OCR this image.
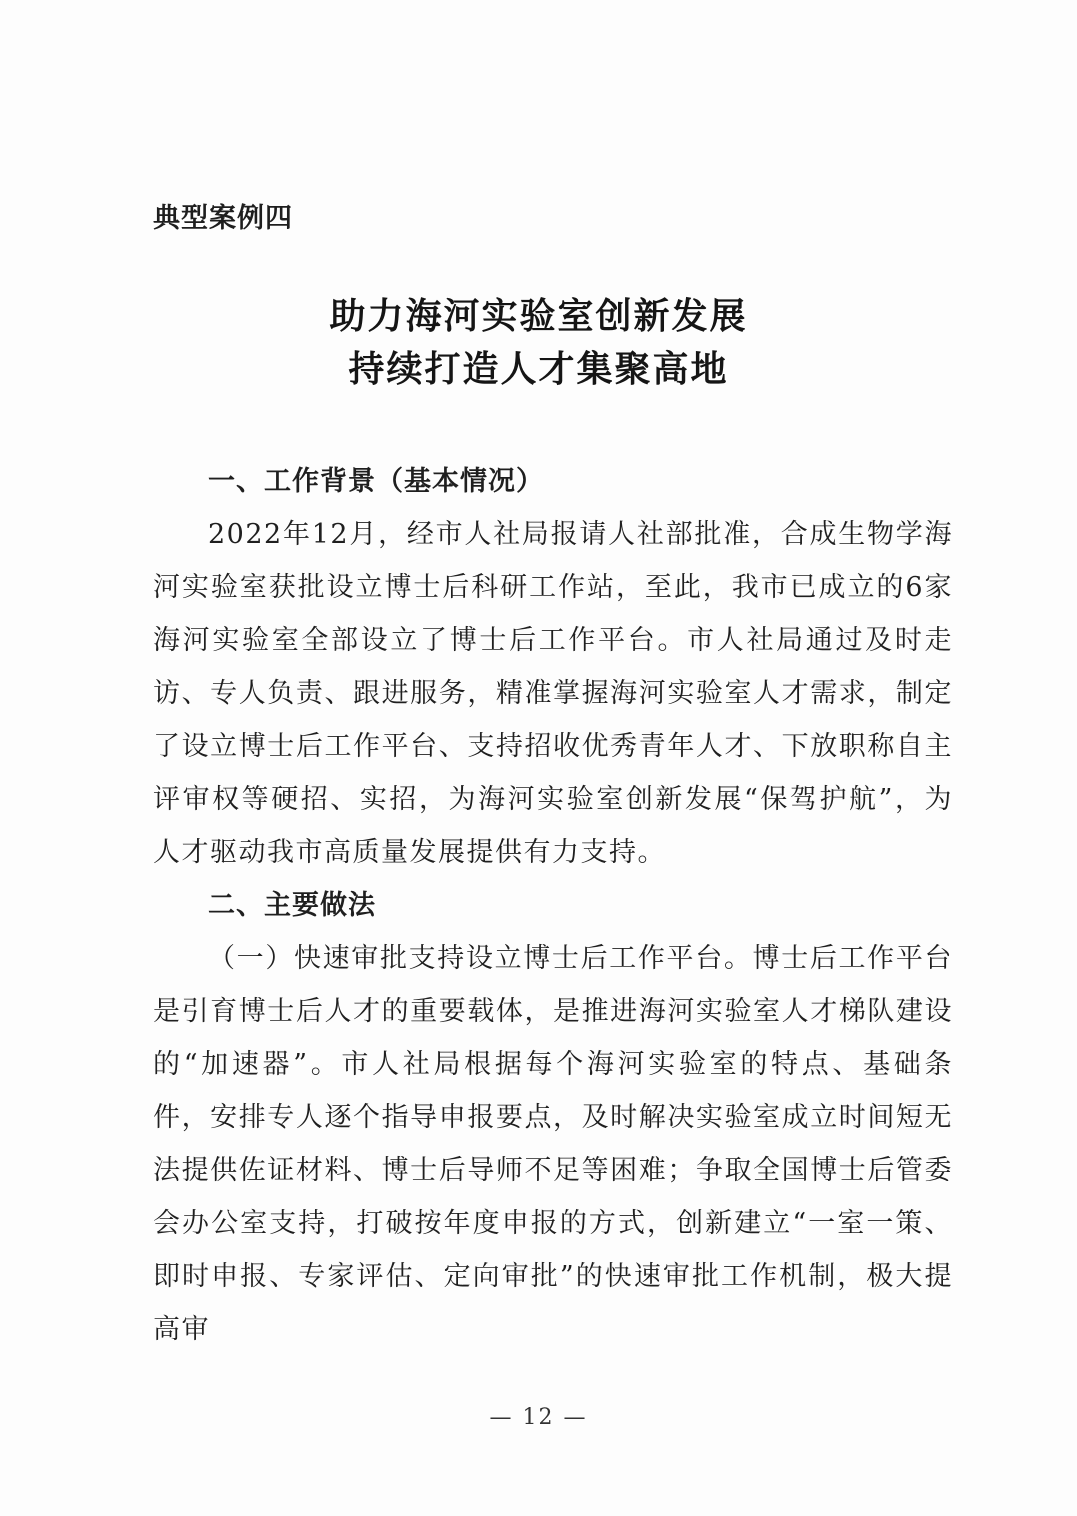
典型案例四
助力海河实验室创新发展
持续打造人才集聚高地
一、工作背景（基本情况）

2022年12月，经市人社局报请人社部批准，合成生物学海河实验室获批设立博士后科研工作站，至此，我市已成立的6家海河实验室全部设立了博士后工作平台。市人社局通过及时走访、专人负责、跟进服务，精准掌握海河实验室人才需求，制定了设立博士后工作平台、支持招收优秀青年人才、下放职称自主评审权等硬招、实招，为海河实验室创新发展“保驾护航”，为人才驱动我市高质量发展提供有力支持。

二、主要做法

（一）快速审批支持设立博士后工作平台。博士后工作平台是引育博士后人才的重要载体，是推进海河实验室人才梯队建设的“加速器”。市人社局根据每个海河实验室的特点、基础条件，安排专人逐个指导申报要点，及时解决实验室成立时间短无法提供佐证材料、博士后导师不足等困难；争取全国博士后管委会办公室支持，打破按年度申报的方式，创新建立“一室一策、即时申报、专家评估、定向审批”的快速审批工作机制，极大提高审

— 12 —
